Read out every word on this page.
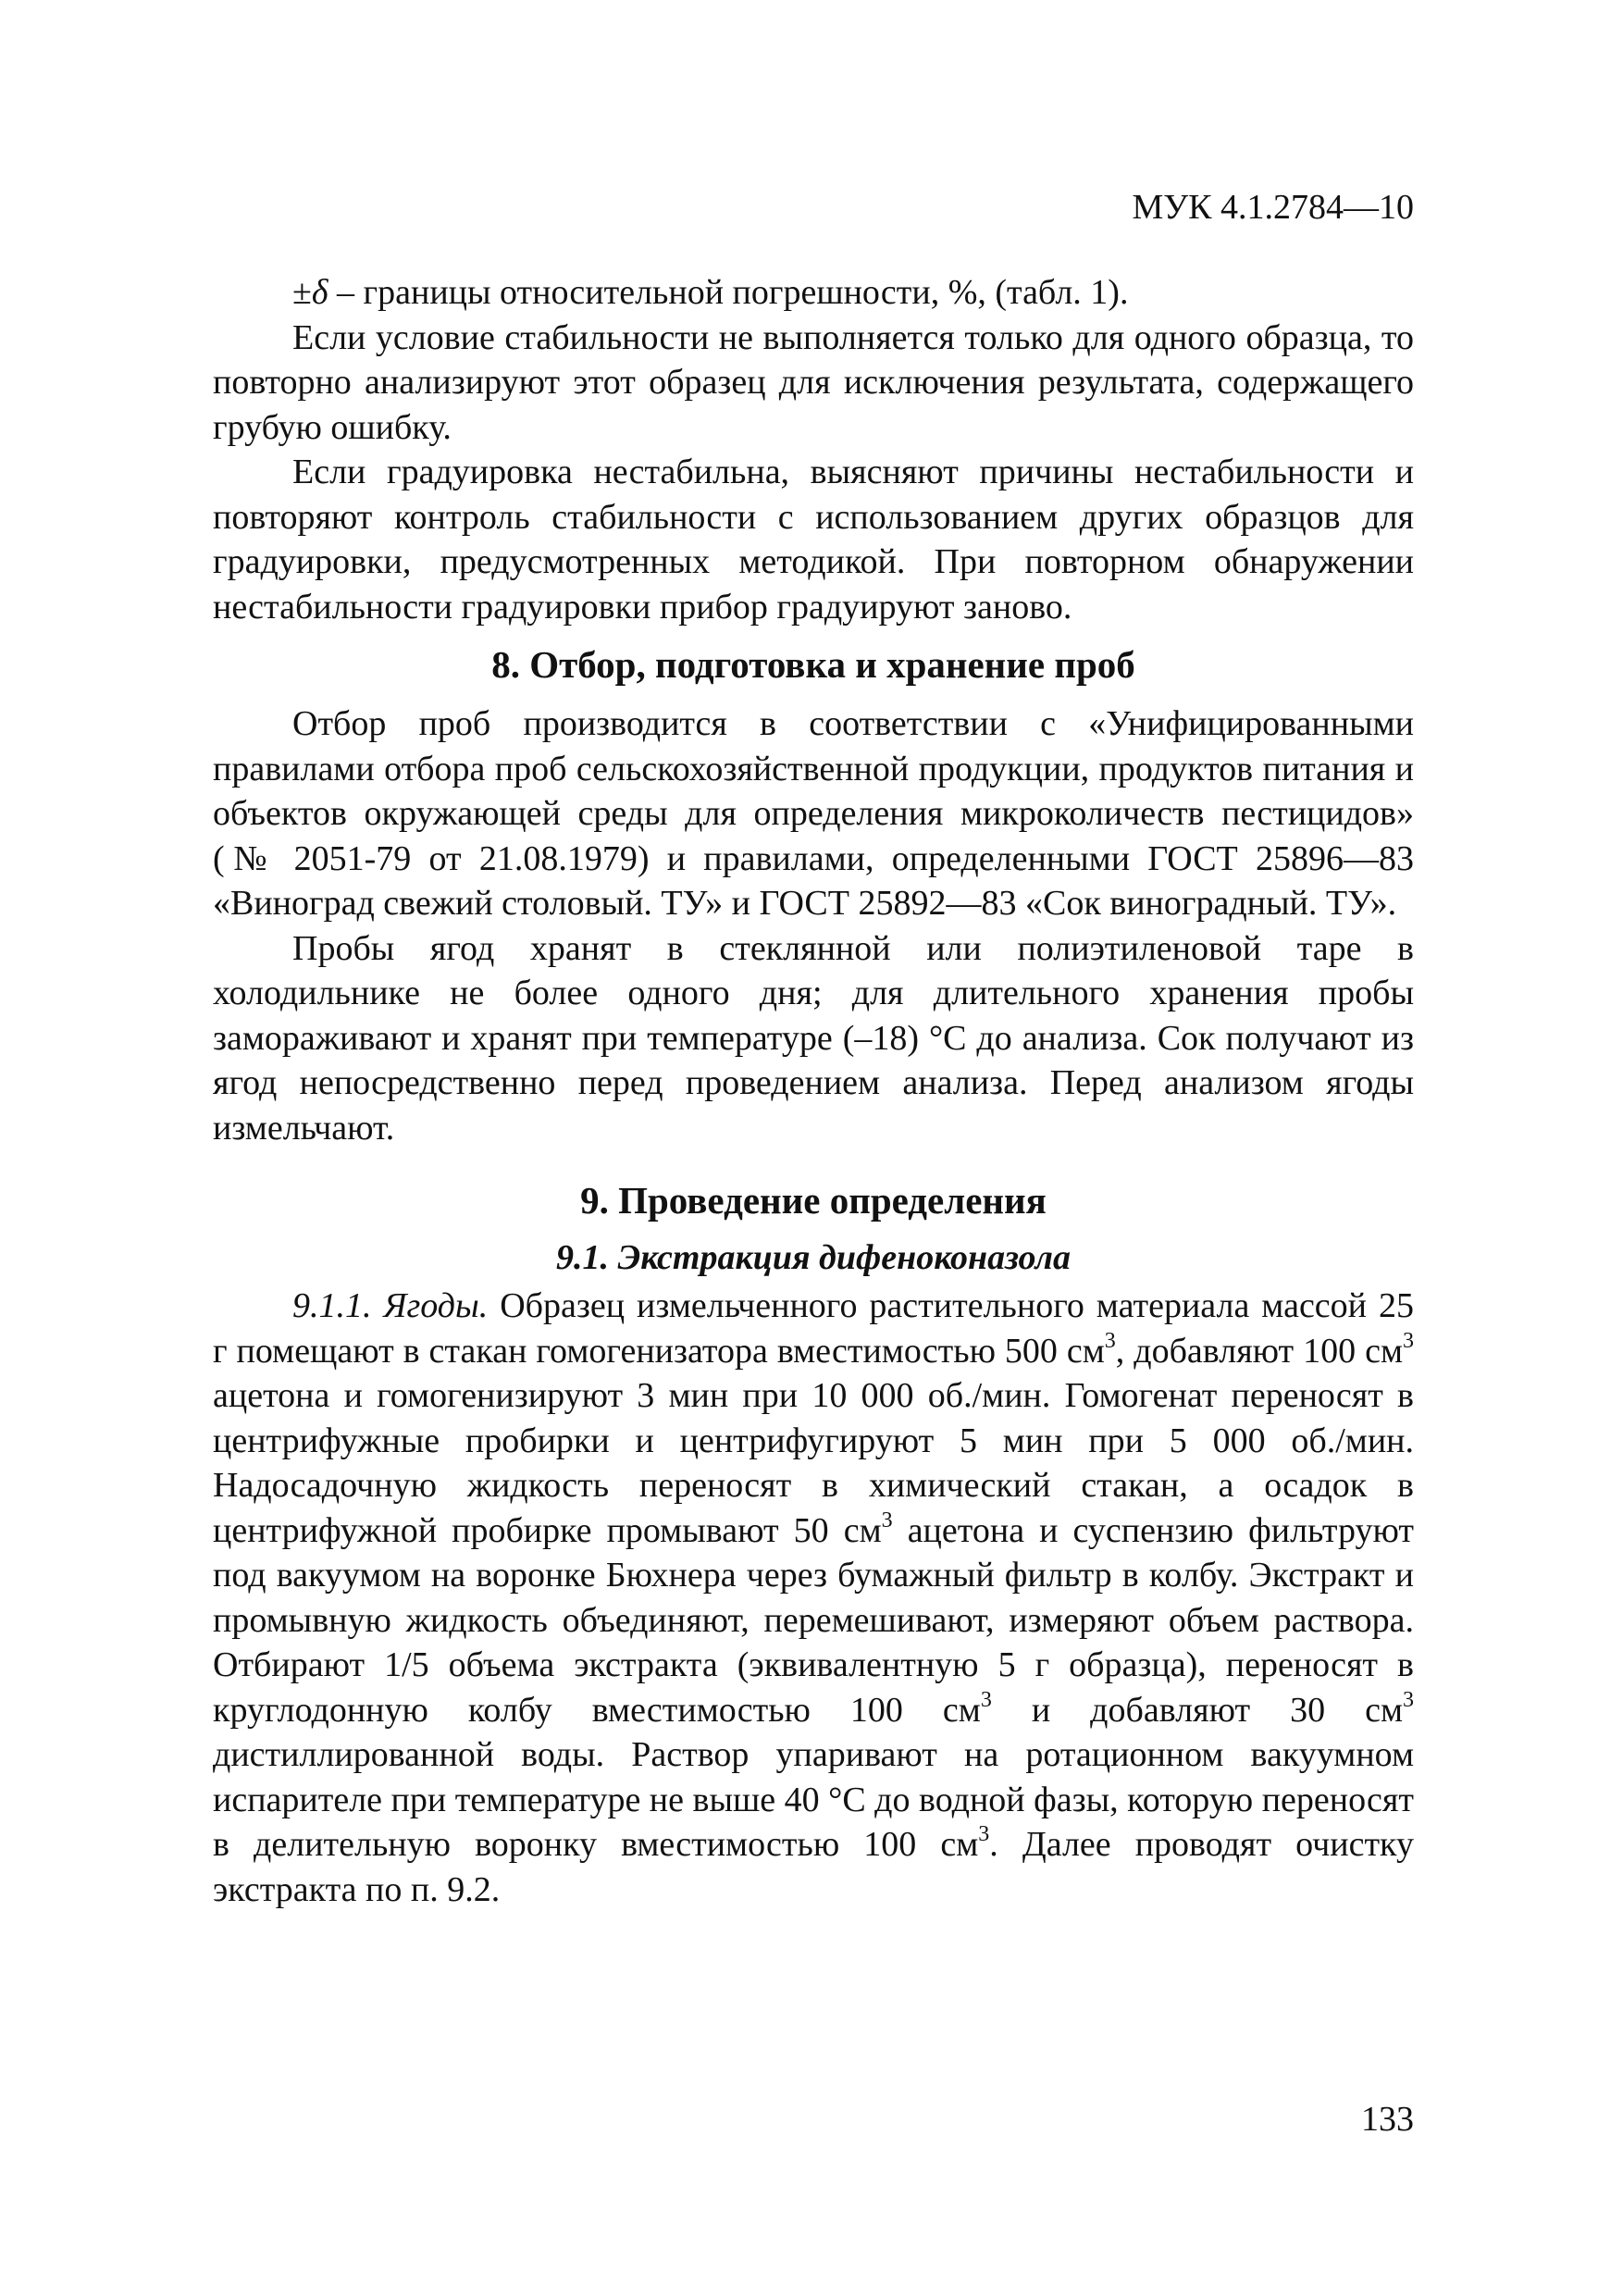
МУК 4.1.2784—10

±δ – границы относительной погрешности, %, (табл. 1).

Если условие стабильности не выполняется только для одного образца, то повторно анализируют этот образец для исключения результата, содержащего грубую ошибку.

Если градуировка нестабильна, выясняют причины нестабильности и повторяют контроль стабильности с использованием других образцов для градуировки, предусмотренных методикой. При повторном обнаружении нестабильности градуировки прибор градуируют заново.

8. Отбор, подготовка и хранение проб

Отбор проб производится в соответствии с «Унифицированными правилами отбора проб сельскохозяйственной продукции, продуктов питания и объектов окружающей среды для определения микроколичеств пестицидов» (№ 2051-79 от 21.08.1979) и правилами, определенными ГОСТ 25896—83 «Виноград свежий столовый. ТУ» и ГОСТ 25892—83 «Сок виноградный. ТУ».

Пробы ягод хранят в стеклянной или полиэтиленовой таре в холодильнике не более одного дня; для длительного хранения пробы замораживают и хранят при температуре (–18) °С до анализа. Сок получают из ягод непосредственно перед проведением анализа. Перед анализом ягоды измельчают.

9. Проведение определения
9.1. Экстракция дифеноконазола

9.1.1. Ягоды. Образец измельченного растительного материала массой 25 г помещают в стакан гомогенизатора вместимостью 500 $см^3$, добавляют 100 $см^3$ ацетона и гомогенизируют 3 мин при 10 000 об./мин. Гомогенат переносят в центрифужные пробирки и центрифугируют 5 мин при 5 000 об./мин. Надосадочную жидкость переносят в химический стакан, а осадок в центрифужной пробирке промывают 50 $см^3$ ацетона и суспензию фильтруют под вакуумом на воронке Бюхнера через бумажный фильтр в колбу. Экстракт и промывную жидкость объединяют, перемешивают, измеряют объем раствора. Отбирают 1/5 объема экстракта (эквивалентную 5 г образца), переносят в круглодонную колбу вместимостью 100 $см^3$ и добавляют 30 $см^3$ дистиллированной воды. Раствор упаривают на ротационном вакуумном испарителе при температуре не выше 40 °С до водной фазы, которую переносят в делительную воронку вместимостью 100 $см^3$. Далее проводят очистку экстракта по п. 9.2.

133
